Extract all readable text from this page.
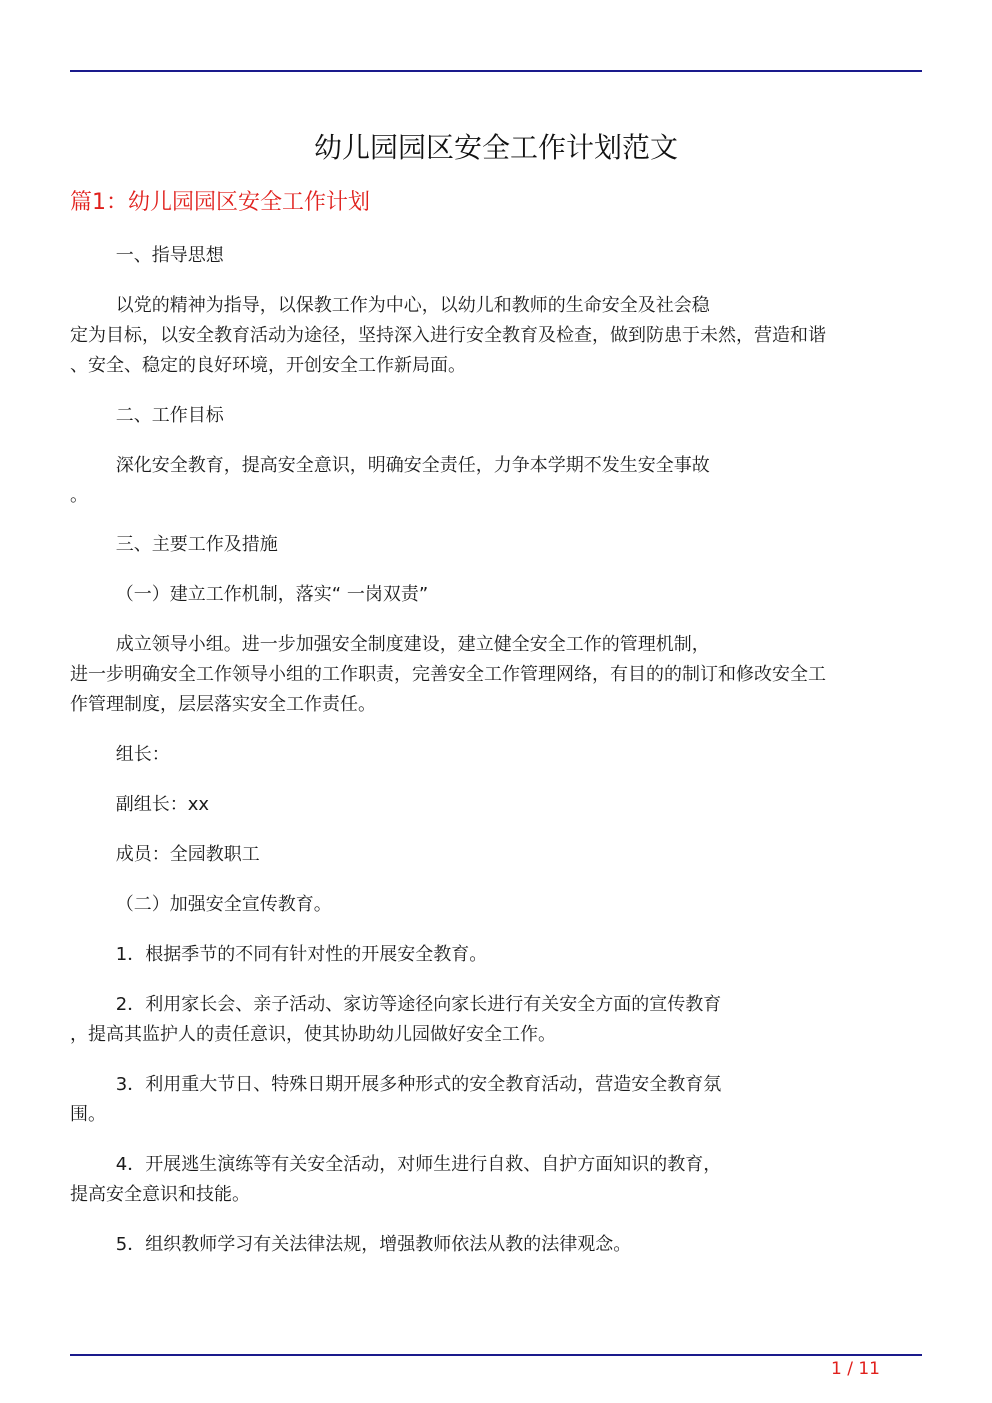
幼儿园园区安全工作计划范文
篇1：幼儿园园区安全工作计划
一、指导思想
以党的精神为指导，以保教工作为中心，以幼儿和教师的生命安全及社会稳
定为目标，以安全教育活动为途径，坚持深入进行安全教育及检查，做到防患于未然，营造和谐
、安全、稳定的良好环境，开创安全工作新局面。
二、工作目标
深化安全教育，提高安全意识，明确安全责任，力争本学期不发生安全事故
。
三、主要工作及措施
（一）建立工作机制，落实“ 一岗双责”
成立领导小组。进一步加强安全制度建设，建立健全安全工作的管理机制，
进一步明确安全工作领导小组的工作职责，完善安全工作管理网络，有目的的制订和修改安全工
作管理制度，层层落实安全工作责任。
组长：
副组长：xx
成员：全园教职工
（二）加强安全宣传教育。
1．根据季节的不同有针对性的开展安全教育。
2．利用家长会、亲子活动、家访等途径向家长进行有关安全方面的宣传教育
，提高其监护人的责任意识，使其协助幼儿园做好安全工作。
3．利用重大节日、特殊日期开展多种形式的安全教育活动，营造安全教育氛
围。
4．开展逃生演练等有关安全活动，对师生进行自救、自护方面知识的教育，
提高安全意识和技能。
5．组织教师学习有关法律法规，增强教师依法从教的法律观念。
1 / 11
